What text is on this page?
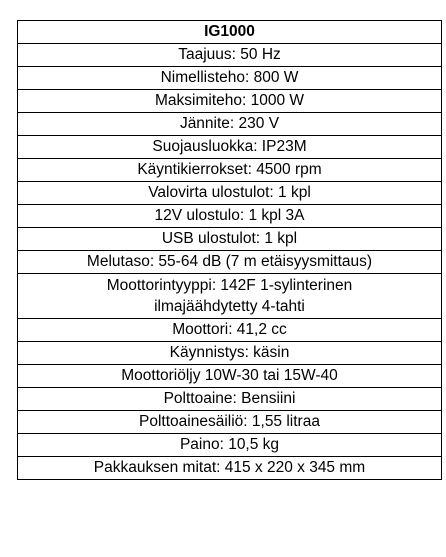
IG1000
Taajuus: 50 Hz
Nimellisteho: 800 W
Maksimiteho: 1000 W
Jännite: 230 V
Suojausluokka: IP23M
Käyntikierrokset: 4500 rpm
Valovirta ulostulot: 1 kpl
12V ulostulo: 1 kpl 3A
USB ulostulot: 1 kpl
Melutaso: 55-64 dB (7 m etäisyysmittaus)

Moottorintyyppi: 142F 1-sylinterinen
ilmajäähdytetty 4-tahti

Moottori: 41,2 cc
Käynnistys: käsin
Moottoriöljy 10W-30 tai 15W-40
Polttoaine: Bensiini
Polttoainesäiliö: 1,55 litraa
Paino: 10,5 kg
Pakkauksen mitat: 415 x 220 x 345 mm
